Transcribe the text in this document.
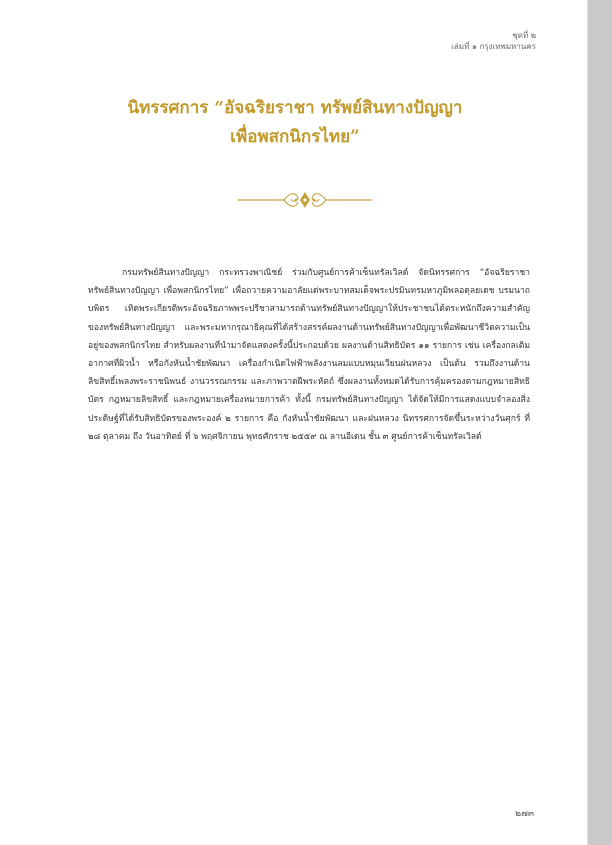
ชุดที่ ๒
เล่มที่ ๑ กรุงเทพมหานคร
นิทรรศการ “อัจฉริยราชา ทรัพย์สินทางปัญญา
เพื่อพสกนิกรไทย”

กรมทรัพย์สินทางปัญญา กระทรวงพาณิชย์ ร่วมกับศูนย์การค้าเซ็นทรัลเวิลด์ จัดนิทรรศการ “อัจฉริยราชา ทรัพย์สินทางปัญญา เพื่อพสกนิกรไทย” เพื่อถวายความอาลัยแด่พระบาทสมเด็จพระปรมินทรมหาภูมิพลอดุลยเดช บรมนาถบพิตร เทิดพระเกียรติพระอัจฉริยภาพพระปรีชาสามารถด้านทรัพย์สินทางปัญญาให้ประชาชนได้ตระหนักถึงความสำคัญของทรัพย์สินทางปัญญา และพระมหากรุณาธิคุณที่ได้สร้างสรรค์ผลงานด้านทรัพย์สินทางปัญญาเพื่อพัฒนาชีวิตความเป็นอยู่ของพสกนิกรไทย สำหรับผลงานที่นำมาจัดแสดงครั้งนี้ประกอบด้วย ผลงานด้านสิทธิบัตร ๑๑ รายการ เช่น เครื่องกลเติมอากาศที่ผิวน้ำ หรือกังหันน้ำชัยพัฒนา เครื่องกำเนิดไฟฟ้าพลังงานลมแบบหมุนเวียนฝนหลวง เป็นต้น รวมถึงงานด้านลิขสิทธิ์เพลงพระราชนิพนธ์ งานวรรณกรรม และภาพวาดฝีพระหัตถ์ ซึ่งผลงานทั้งหมดได้รับการคุ้มครองตามกฎหมายสิทธิบัตร กฎหมายลิขสิทธิ์ และกฎหมายเครื่องหมายการค้า ทั้งนี้ กรมทรัพย์สินทางปัญญา ได้จัดให้มีการแสดงแบบจำลองสิ่งประดิษฐ์ที่ได้รับสิทธิบัตรของพระองค์ ๒ รายการ คือ กังหันน้ำชัยพัฒนา และฝนหลวง นิทรรศการจัดขึ้นระหว่างวันศุกร์ ที่ ๒๘ ตุลาคม ถึง วันอาทิตย์ ที่ ๖ พฤศจิกายน พุทธศักราช ๒๕๕๙ ณ ลานอีเดน ชั้น ๓ ศูนย์การค้าเซ็นทรัลเวิลด์

๒๗๓
